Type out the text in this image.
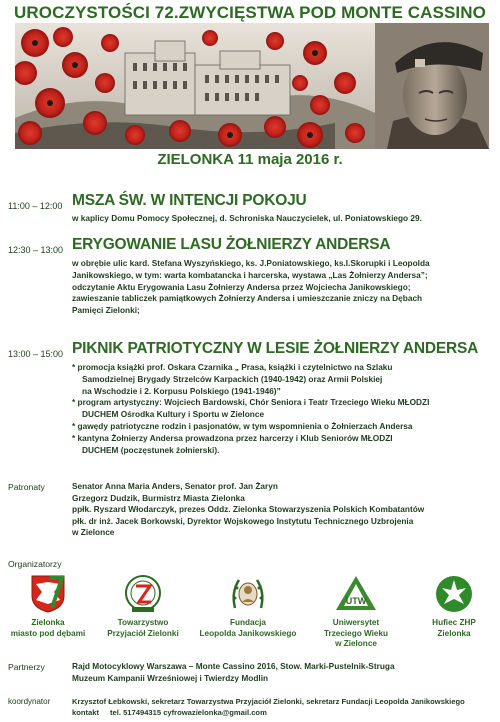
UROCZYSTOŚCI 72.ZWYCIĘSTWA POD MONTE CASSINO
ZIELONKA 11 maja 2016 r.
11:00 – 12:00 MSZA ŚW. W INTENCJI POKOJU

w kaplicy Domu Pomocy Społecznej, d. Schroniska Nauczycielek, ul. Poniatowskiego 29.

12:30 – 13:00 ERYGOWANIE LASU ŻOŁNIERZY ANDERSA

w obrębie ulic kard. Stefana Wyszyńskiego, ks. J.Poniatowskiego, ks.I.Skorupki i Leopolda

Janikowskiego, w tym: warta kombatancka i harcerska, wystawa „Las Żołnierzy Andersa”;

odczytanie Aktu Erygowania Lasu Żołnierzy Andersa przez Wojciecha Janikowskiego;

zawieszanie tabliczek pamiątkowych Żołnierzy Andersa i umieszczanie zniczy na Dębach

Pamięci Zielonki;

13:00 – 15:00 PIKNIK PATRIOTYCZNY W LESIE ŻOŁNIERZY ANDERSA

* promocja książki prof. Oskara Czarnika „ Prasa, książki i czytelnictwo na Szlaku

Samodzielnej Brygady Strzelców Karpackich (1940-1942) oraz Armii Polskiej

na Wschodzie i 2. Korpusu Polskiego (1941-1946)”

* program artystyczny: Wojciech Bardowski, Chór Seniora i Teatr Trzeciego Wieku MŁODZI

DUCHEM Ośrodka Kultury i Sportu w Zielonce

* gawędy patriotyczne rodzin i pasjonatów, w tym wspomnienia o Żołnierzach Andersa

* kantyna Żołnierzy Andersa prowadzona przez harcerzy i Klub Seniorów MŁODZI

DUCHEM (poczęstunek żołnierski).

Patronaty	Senator Anna Maria Anders, Senator prof. Jan Żaryn

Grzegorz Dudzik, Burmistrz Miasta Zielonka

ppłk. Ryszard Włodarczyk, prezes Oddz. Zielonka Stowarzyszenia Polskich Kombatantów

płk. dr inż. Jacek Borkowski, Dyrektor Wojskowego Instytutu Technicznego Uzbrojenia

w Zielonce

Organizatorzy
Zielonka
miasto pod dębami
Towarzystwo
Przyjaciół Zielonki
Fundacja
Leopolda Janikowskiego
UTW
Uniwersytet
Trzeciego Wieku
w Zielonce
Hufiec ZHP
Zielonka
Partnerzy	Rajd Motocyklowy Warszawa – Monte Cassino 2016, Stow. Marki-Pustelnik-Struga

Muzeum Kampanii Wrześniowej i Twierdzy Modlin

koordynator	Krzysztof Łebkowski, sekretarz Towarzystwa Przyjaciół Zielonki, sekretarz Fundacji Leopolda Janikowskiego
kontakt tel. 517494315 cyfrowazielonka@gmail.com
